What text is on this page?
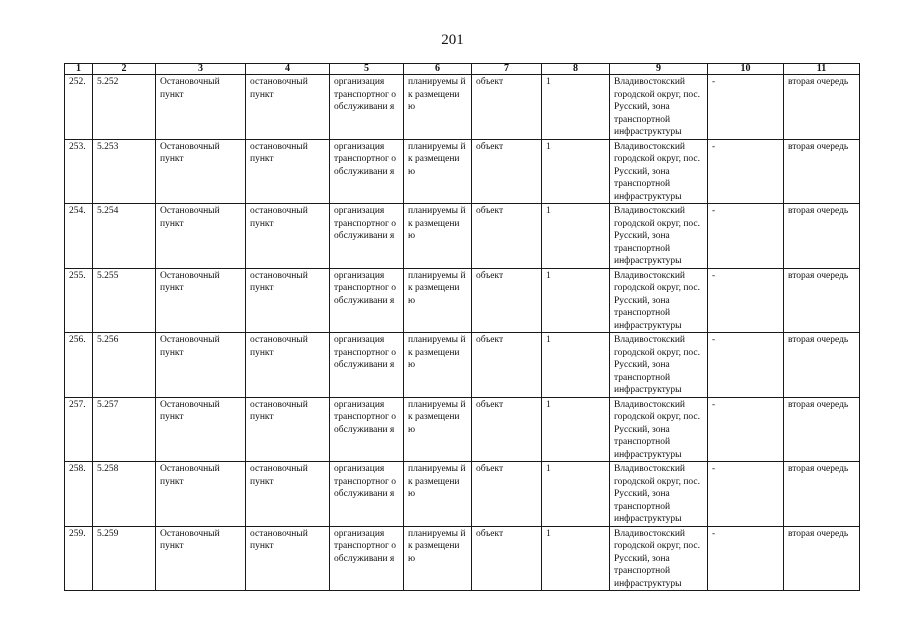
201
1	2	3	4	5	6	7	8	9	10	11
252.	5.252	Остановочный пункт	остановочный пункт	организация транспортног о обслуживани я	планируемы й к размещени ю	объект	1	Владивостокский городской округ, пос. Русский, зона транспортной инфраструктуры	-	вторая очередь
253.	5.253	Остановочный пункт	остановочный пункт	организация транспортног о обслуживани я	планируемы й к размещени ю	объект	1	Владивостокский городской округ, пос. Русский, зона транспортной инфраструктуры	-	вторая очередь
254.	5.254	Остановочный пункт	остановочный пункт	организация транспортног о обслуживани я	планируемы й к размещени ю	объект	1	Владивостокский городской округ, пос. Русский, зона транспортной инфраструктуры	-	вторая очередь
255.	5.255	Остановочный пункт	остановочный пункт	организация транспортног о обслуживани я	планируемы й к размещени ю	объект	1	Владивостокский городской округ, пос. Русский, зона транспортной инфраструктуры	-	вторая очередь
256.	5.256	Остановочный пункт	остановочный пункт	организация транспортног о обслуживани я	планируемы й к размещени ю	объект	1	Владивостокский городской округ, пос. Русский, зона транспортной инфраструктуры	-	вторая очередь
257.	5.257	Остановочный пункт	остановочный пункт	организация транспортног о обслуживани я	планируемы й к размещени ю	объект	1	Владивостокский городской округ, пос. Русский, зона транспортной инфраструктуры	-	вторая очередь
258.	5.258	Остановочный пункт	остановочный пункт	организация транспортног о обслуживани я	планируемы й к размещени ю	объект	1	Владивостокский городской округ, пос. Русский, зона транспортной инфраструктуры	-	вторая очередь
259.	5.259	Остановочный пункт	остановочный пункт	организация транспортног о обслуживани я	планируемы й к размещени ю	объект	1	Владивостокский городской округ, пос. Русский, зона транспортной инфраструктуры	-	вторая очередь
